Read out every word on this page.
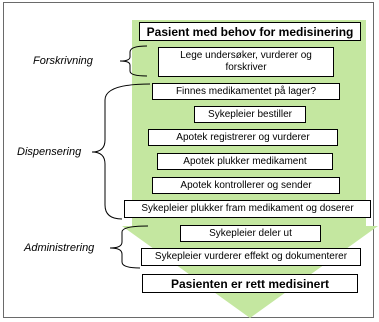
Forskrivning
Dispensering
Administrering
Pasient med behov for medisinering
Lege undersøker, vurderer og forskriver
Finnes medikamentet på lager?
Sykepleier bestiller
Apotek registrerer og vurderer
Apotek plukker medikament
Apotek kontrollerer og sender
Sykepleier plukker fram medikament og doserer
Sykepleier deler ut
Sykepleier vurderer effekt og dokumenterer
Pasienten er rett medisinert
